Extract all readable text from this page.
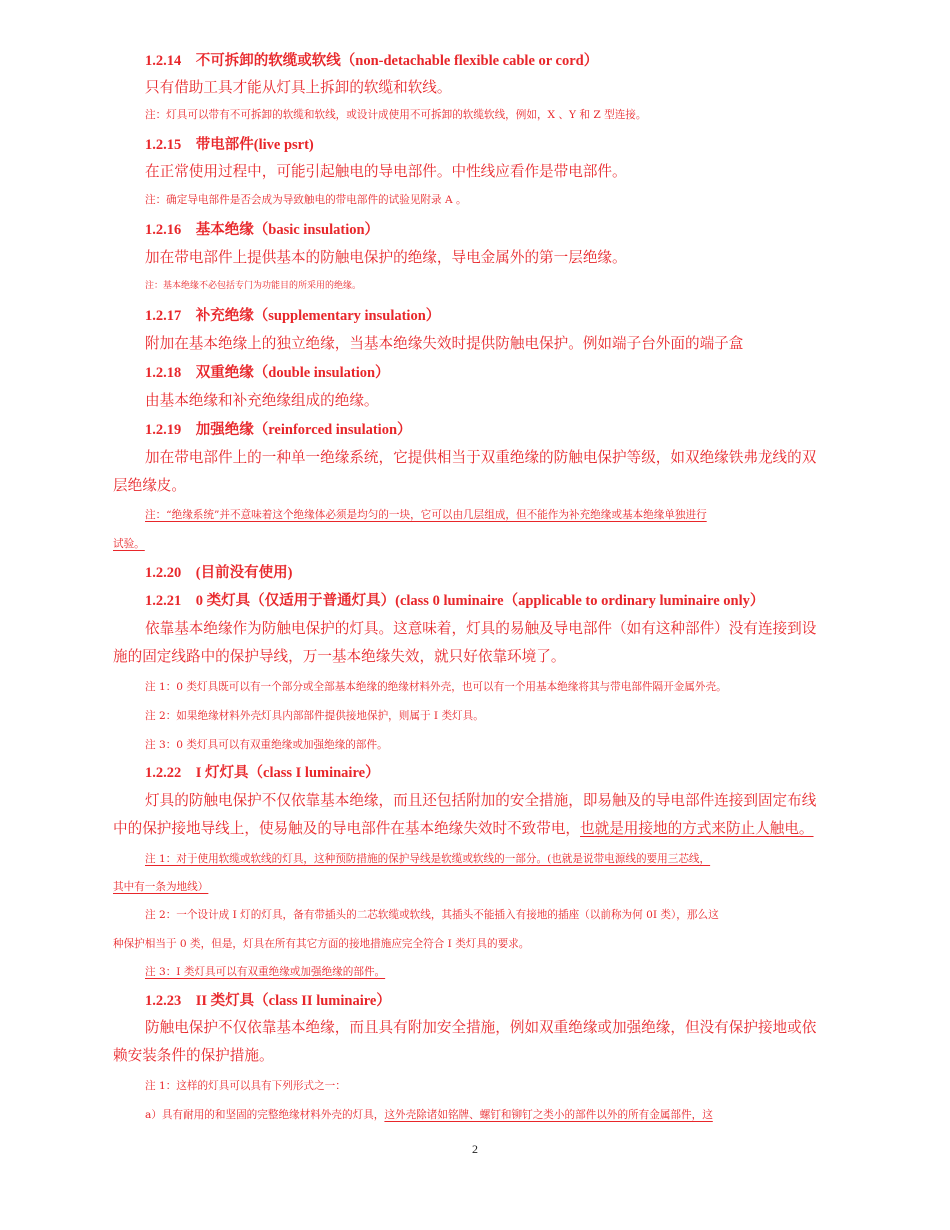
1.2.14　不可拆卸的软缆或软线（non-detachable flexible cable or cord）
只有借助工具才能从灯具上拆卸的软缆和软线。
注：灯具可以带有不可拆卸的软缆和软线，或设计成使用不可拆卸的软缆软线，例如，X 、Y 和 Z 型连接。
1.2.15　带电部件(live psrt)
在正常使用过程中，可能引起触电的导电部件。中性线应看作是带电部件。
注：确定导电部件是否会成为导致触电的带电部件的试验见附录 A 。
1.2.16　基本绝缘（basic insulation）
加在带电部件上提供基本的防触电保护的绝缘，导电金属外的第一层绝缘。
注：基本绝缘不必包括专门为功能目的所采用的绝缘。
1.2.17　补充绝缘（supplementary insulation）
附加在基本绝缘上的独立绝缘，当基本绝缘失效时提供防触电保护。例如端子台外面的端子盒
1.2.18　双重绝缘（double insulation）
由基本绝缘和补充绝缘组成的绝缘。
1.2.19　加强绝缘（reinforced insulation）
加在带电部件上的一种单一绝缘系统，它提供相当于双重绝缘的防触电保护等级，如双绝缘铁弗龙线的双
层绝缘皮。
注：“绝缘系统”并不意味着这个绝缘体必须是均匀的一块，它可以由几层组成，但不能作为补充绝缘或基本绝缘单独进行
试验。
1.2.20　(目前没有使用)
1.2.21　0 类灯具（仅适用于普通灯具）(class 0 luminaire（applicable to ordinary luminaire only）
依靠基本绝缘作为防触电保护的灯具。这意味着，灯具的易触及导电部件（如有这种部件）没有连接到设
施的固定线路中的保护导线，万一基本绝缘失效，就只好依靠环境了。
注 1：0 类灯具既可以有一个部分或全部基本绝缘的绝缘材料外壳，也可以有一个用基本绝缘将其与带电部件隔开金属外壳。
注 2：如果绝缘材料外壳灯具内部部件提供接地保护，则属于 I 类灯具。
注 3：0 类灯具可以有双重绝缘或加强绝缘的部件。
1.2.22　I 灯灯具（class I luminaire）
灯具的防触电保护不仅依靠基本绝缘，而且还包括附加的安全措施，即易触及的导电部件连接到固定布线
中的保护接地导线上，使易触及的导电部件在基本绝缘失效时不致带电，也就是用接地的方式来防止人触电。
注 1：对于使用软缆或软线的灯具，这种预防措施的保护导线是软缆或软线的一部分。(也就是说带电源线的要用三芯线，
其中有一条为地线）
注 2：一个设计成 I 灯的灯具，备有带插头的二芯软缆或软线，其插头不能插入有接地的插座（以前称为何 0I 类），那么这
种保护相当于 0 类，但是，灯具在所有其它方面的接地措施应完全符合 I 类灯具的要求。
注 3：I 类灯具可以有双重绝缘或加强绝缘的部件。
1.2.23　II 类灯具（class II luminaire）
防触电保护不仅依靠基本绝缘，而且具有附加安全措施，例如双重绝缘或加强绝缘，但没有保护接地或依
赖安装条件的保护措施。
注 1：这样的灯具可以具有下列形式之一：
a）具有耐用的和坚固的完整绝缘材料外壳的灯具，这外壳除诸如铭牌、螺钉和铆钉之类小的部件以外的所有金属部件，这
2
